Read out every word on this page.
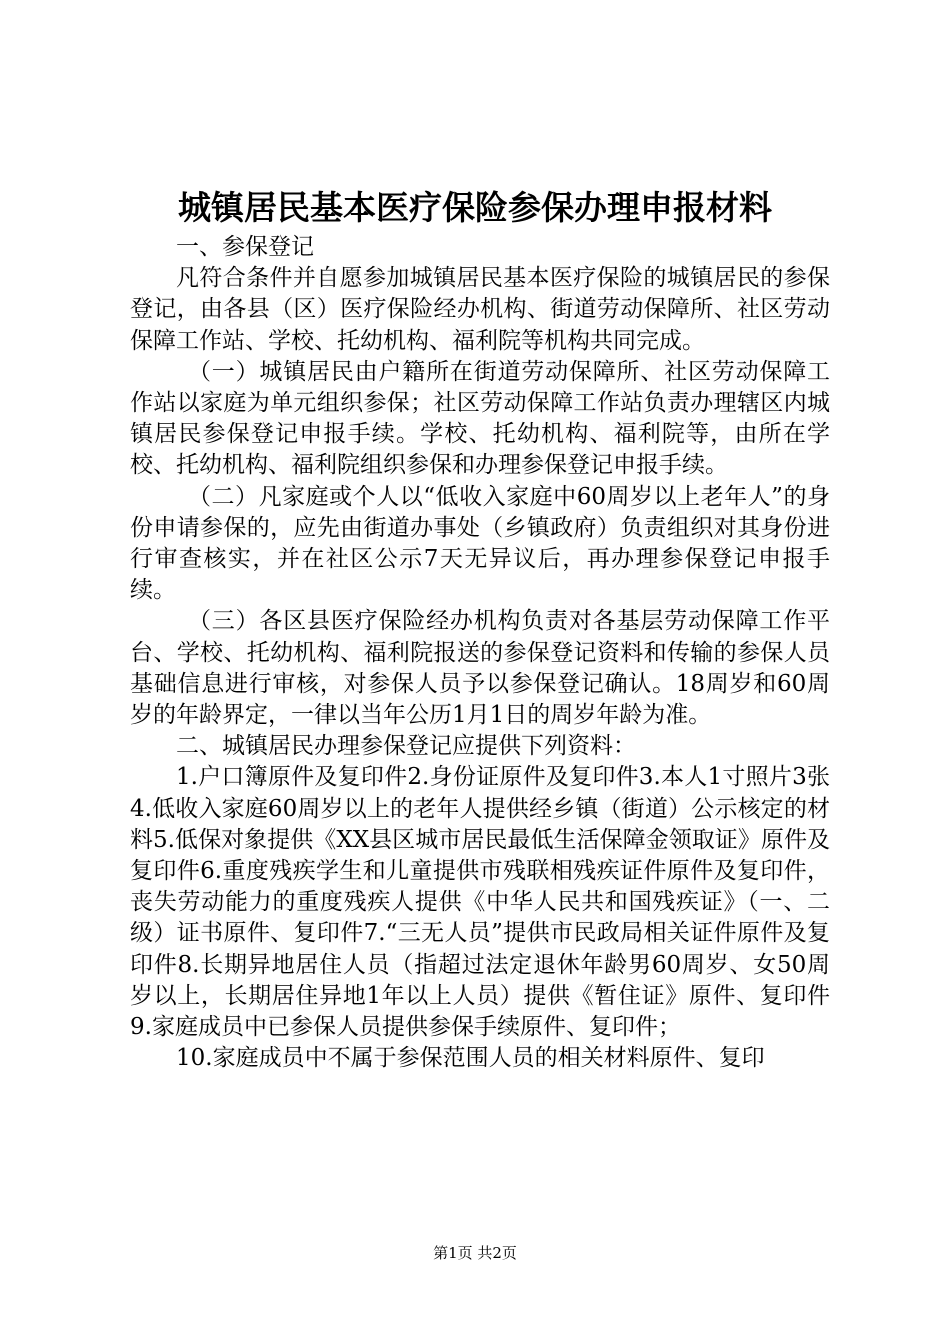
城镇居民基本医疗保险参保办理申报材料

一、参保登记

凡符合条件并自愿参加城镇居民基本医疗保险的城镇居民的参保登记，由各县（区）医疗保险经办机构、街道劳动保障所、社区劳动保障工作站、学校、托幼机构、福利院等机构共同完成。

（一）城镇居民由户籍所在街道劳动保障所、社区劳动保障工作站以家庭为单元组织参保；社区劳动保障工作站负责办理辖区内城镇居民参保登记申报手续。学校、托幼机构、福利院等，由所在学校、托幼机构、福利院组织参保和办理参保登记申报手续。

（二）凡家庭或个人以“低收入家庭中60周岁以上老年人”的身份申请参保的，应先由街道办事处（乡镇政府）负责组织对其身份进行审查核实，并在社区公示7天无异议后，再办理参保登记申报手续。

（三）各区县医疗保险经办机构负责对各基层劳动保障工作平台、学校、托幼机构、福利院报送的参保登记资料和传输的参保人员基础信息进行审核，对参保人员予以参保登记确认。18周岁和60周岁的年龄界定，一律以当年公历1月1日的周岁年龄为准。

二、城镇居民办理参保登记应提供下列资料：

1.户口簿原件及复印件2.身份证原件及复印件3.本人1寸照片3张4.低收入家庭60周岁以上的老年人提供经乡镇（街道）公示核定的材料5.低保对象提供《XX县区城市居民最低生活保障金领取证》原件及复印件6.重度残疾学生和儿童提供市残联相残疾证件原件及复印件，丧失劳动能力的重度残疾人提供《中华人民共和国残疾证》（一、二级）证书原件、复印件7.“三无人员”提供市民政局相关证件原件及复印件8.长期异地居住人员（指超过法定退休年龄男60周岁、女50周岁以上，长期居住异地1年以上人员）提供《暂住证》原件、复印件9.家庭成员中已参保人员提供参保手续原件、复印件；

10.家庭成员中不属于参保范围人员的相关材料原件、复印

第1页 共2页
